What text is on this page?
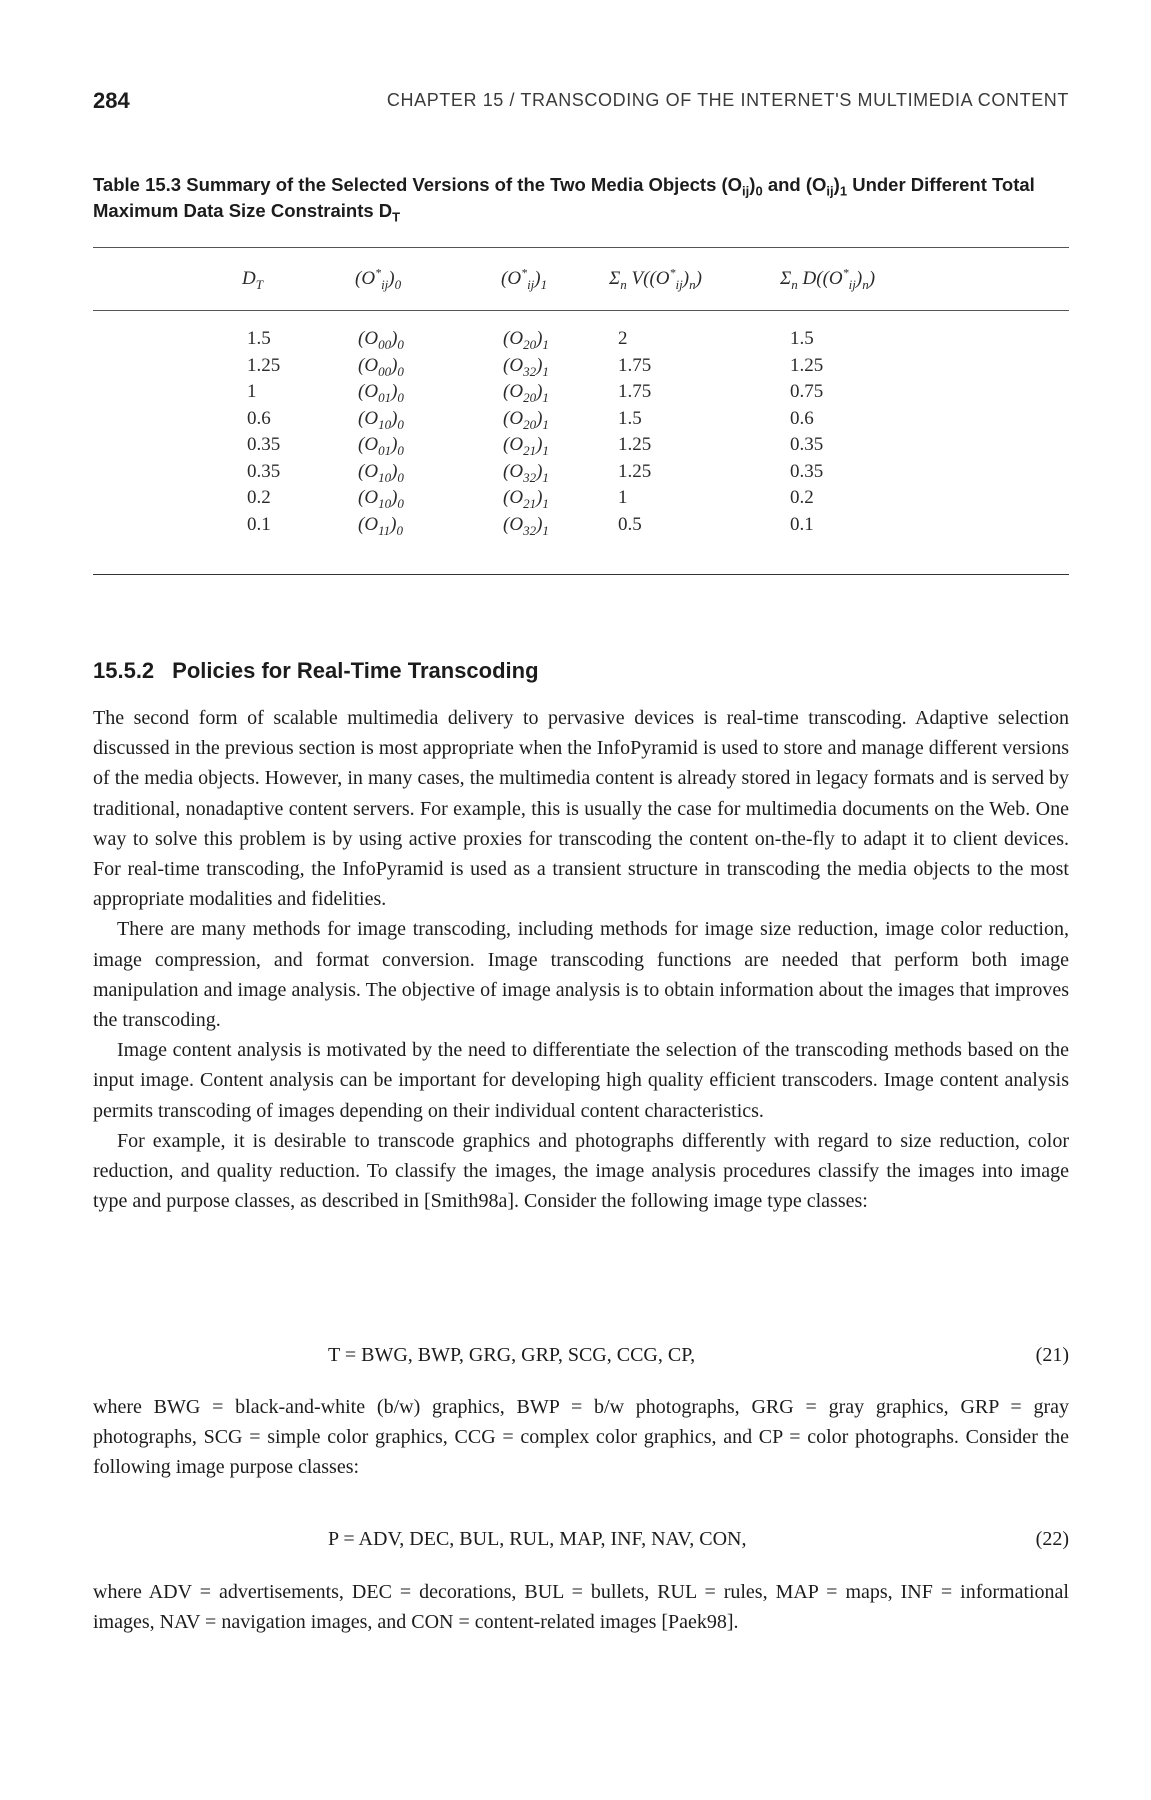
284	CHAPTER 15 / TRANSCODING OF THE INTERNET'S MULTIMEDIA CONTENT
Table 15.3 Summary of the Selected Versions of the Two Media Objects $(O_{ij})_0$ and $(O_{ij})_1$ Under Different Total Maximum Data Size Constraints $D_T$
$D_T$	$(O^*_{ij})_0$	$(O^*_{ij})_1$	$\Sigma_n$ $V((O^*_{ij})_n)$	$\Sigma_n$ $D((O^*_{ij})_n)$
1.5	$(O_{00})_0$	$(O_{20})_1$	2	1.5
1.25	$(O_{00})_0$	$(O_{32})_1$	1.75	1.25
1	$(O_{01})_0$	$(O_{20})_1$	1.75	0.75
0.6	$(O_{10})_0$	$(O_{20})_1$	1.5	0.6
0.35	$(O_{01})_0$	$(O_{21})_1$	1.25	0.35
0.35	$(O_{10})_0$	$(O_{32})_1$	1.25	0.35
0.2	$(O_{10})_0$	$(O_{21})_1$	1	0.2
0.1	$(O_{11})_0$	$(O_{32})_1$	0.5	0.1
15.5.2 Policies for Real-Time Transcoding

The second form of scalable multimedia delivery to pervasive devices is real-time transcoding. Adaptive selection discussed in the previous section is most appropriate when the InfoPyramid is used to store and manage different versions of the media objects. However, in many cases, the multimedia content is already stored in legacy formats and is served by traditional, nonadaptive content servers. For example, this is usually the case for multimedia documents on the Web. One way to solve this problem is by using active proxies for transcoding the content on-the-fly to adapt it to client devices. For real-time transcoding, the InfoPyramid is used as a transient structure in transcoding the media objects to the most appropriate modalities and fidelities.

There are many methods for image transcoding, including methods for image size reduction, image color reduction, image compression, and format conversion. Image transcoding functions are needed that perform both image manipulation and image analysis. The objective of image analysis is to obtain information about the images that improves the transcoding.

Image content analysis is motivated by the need to differentiate the selection of the transcoding methods based on the input image. Content analysis can be important for developing high quality efficient transcoders. Image content analysis permits transcoding of images depending on their individual content characteristics.

For example, it is desirable to transcode graphics and photographs differently with regard to size reduction, color reduction, and quality reduction. To classify the images, the image analysis procedures classify the images into image type and purpose classes, as described in [Smith98a]. Consider the following image type classes:

T = BWG, BWP, GRG, GRP, SCG, CCG, CP,	(21)

where BWG = black-and-white (b/w) graphics, BWP = b/w photographs, GRG = gray graphics, GRP = gray photographs, SCG = simple color graphics, CCG = complex color graphics, and CP = color photographs. Consider the following image purpose classes:

P = ADV, DEC, BUL, RUL, MAP, INF, NAV, CON,	(22)

where ADV = advertisements, DEC = decorations, BUL = bullets, RUL = rules, MAP = maps, INF = informational images, NAV = navigation images, and CON = content-related images [Paek98].
